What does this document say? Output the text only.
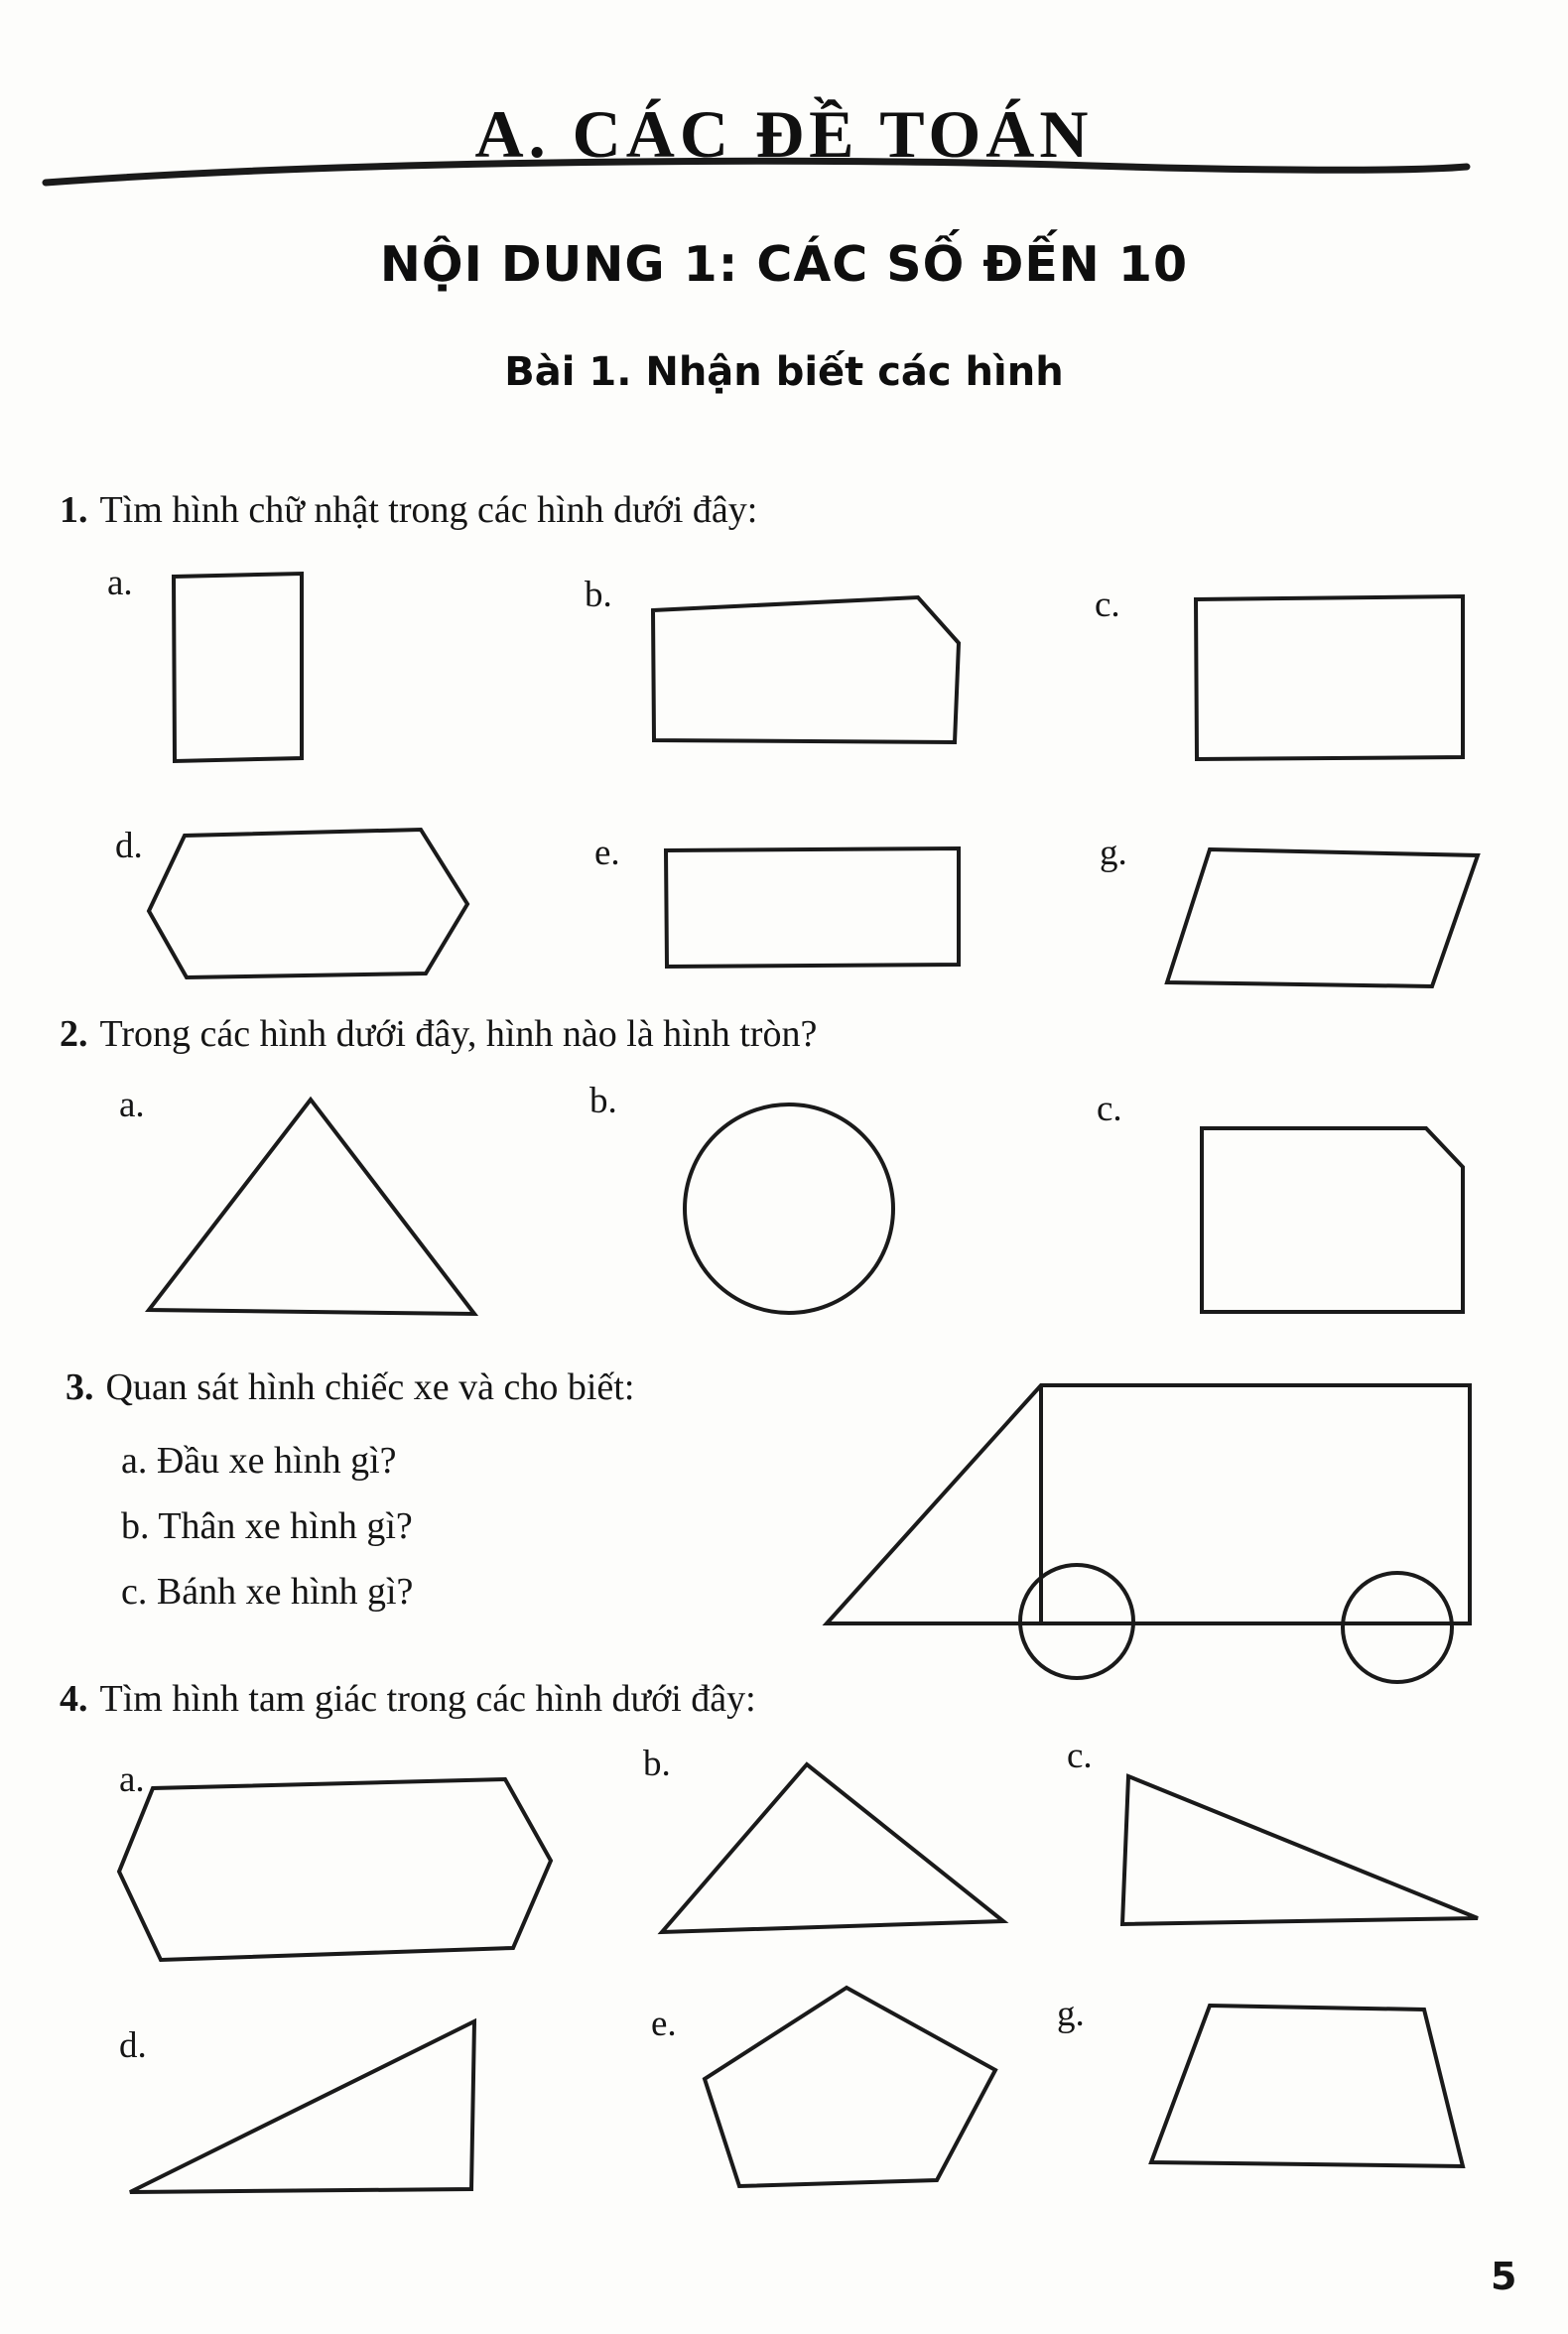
A. CÁC ĐỀ TOÁN
NỘI DUNG 1: CÁC SỐ ĐẾN 10
Bài 1. Nhận biết các hình
1. Tìm hình chữ nhật trong các hình dưới đây:
2. Trong các hình dưới đây, hình nào là hình tròn?
3. Quan sát hình chiếc xe và cho biết:
a. Đầu xe hình gì?
b. Thân xe hình gì?
c. Bánh xe hình gì?
4. Tìm hình tam giác trong các hình dưới đây:
a.	b.	c.
d.	e.	g.
a.	b.	c.
a.	b.	c.
d.
e.	g.
5
